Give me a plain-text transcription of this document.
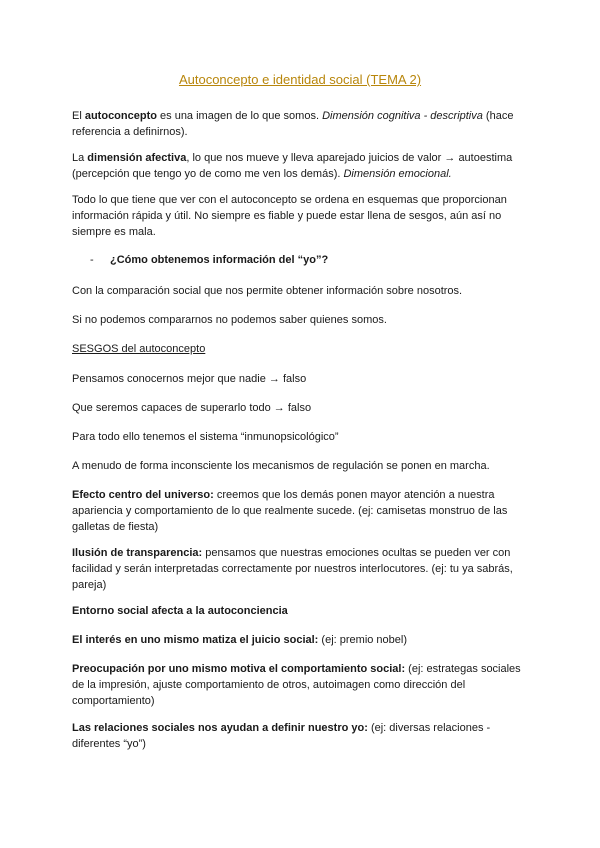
Autoconcepto e identidad social (TEMA 2)

El autoconcepto es una imagen de lo que somos. Dimensión cognitiva - descriptiva (hace referencia a definirnos).

La dimensión afectiva, lo que nos mueve y lleva aparejado juicios de valor → autoestima (percepción que tengo yo de como me ven los demás). Dimensión emocional.

Todo lo que tiene que ver con el autoconcepto se ordena en esquemas que proporcionan información rápida y útil. No siempre es fiable y puede estar llena de sesgos, aún así no siempre es mala.

- ¿Cómo obtenemos información del “yo”?

Con la comparación social que nos permite obtener información sobre nosotros.

Si no podemos compararnos no podemos saber quienes somos.

SESGOS del autoconcepto

Pensamos conocernos mejor que nadie → falso

Que seremos capaces de superarlo todo → falso

Para todo ello tenemos el sistema “inmunopsicológico”

A menudo de forma inconsciente los mecanismos de regulación se ponen en marcha.

Efecto centro del universo: creemos que los demás ponen mayor atención a nuestra apariencia y comportamiento de lo que realmente sucede. (ej: camisetas monstruo de las galletas de fiesta)

Ilusión de transparencia: pensamos que nuestras emociones ocultas se pueden ver con facilidad y serán interpretadas correctamente por nuestros interlocutores. (ej: tu ya sabrás, pareja)

Entorno social afecta a la autoconciencia

El interés en uno mismo matiza el juicio social: (ej: premio nobel)

Preocupación por uno mismo motiva el comportamiento social: (ej: estrategas sociales de la impresión, ajuste comportamiento de otros, autoimagen como dirección del comportamiento)

Las relaciones sociales nos ayudan a definir nuestro yo: (ej: diversas relaciones - diferentes “yo”)
